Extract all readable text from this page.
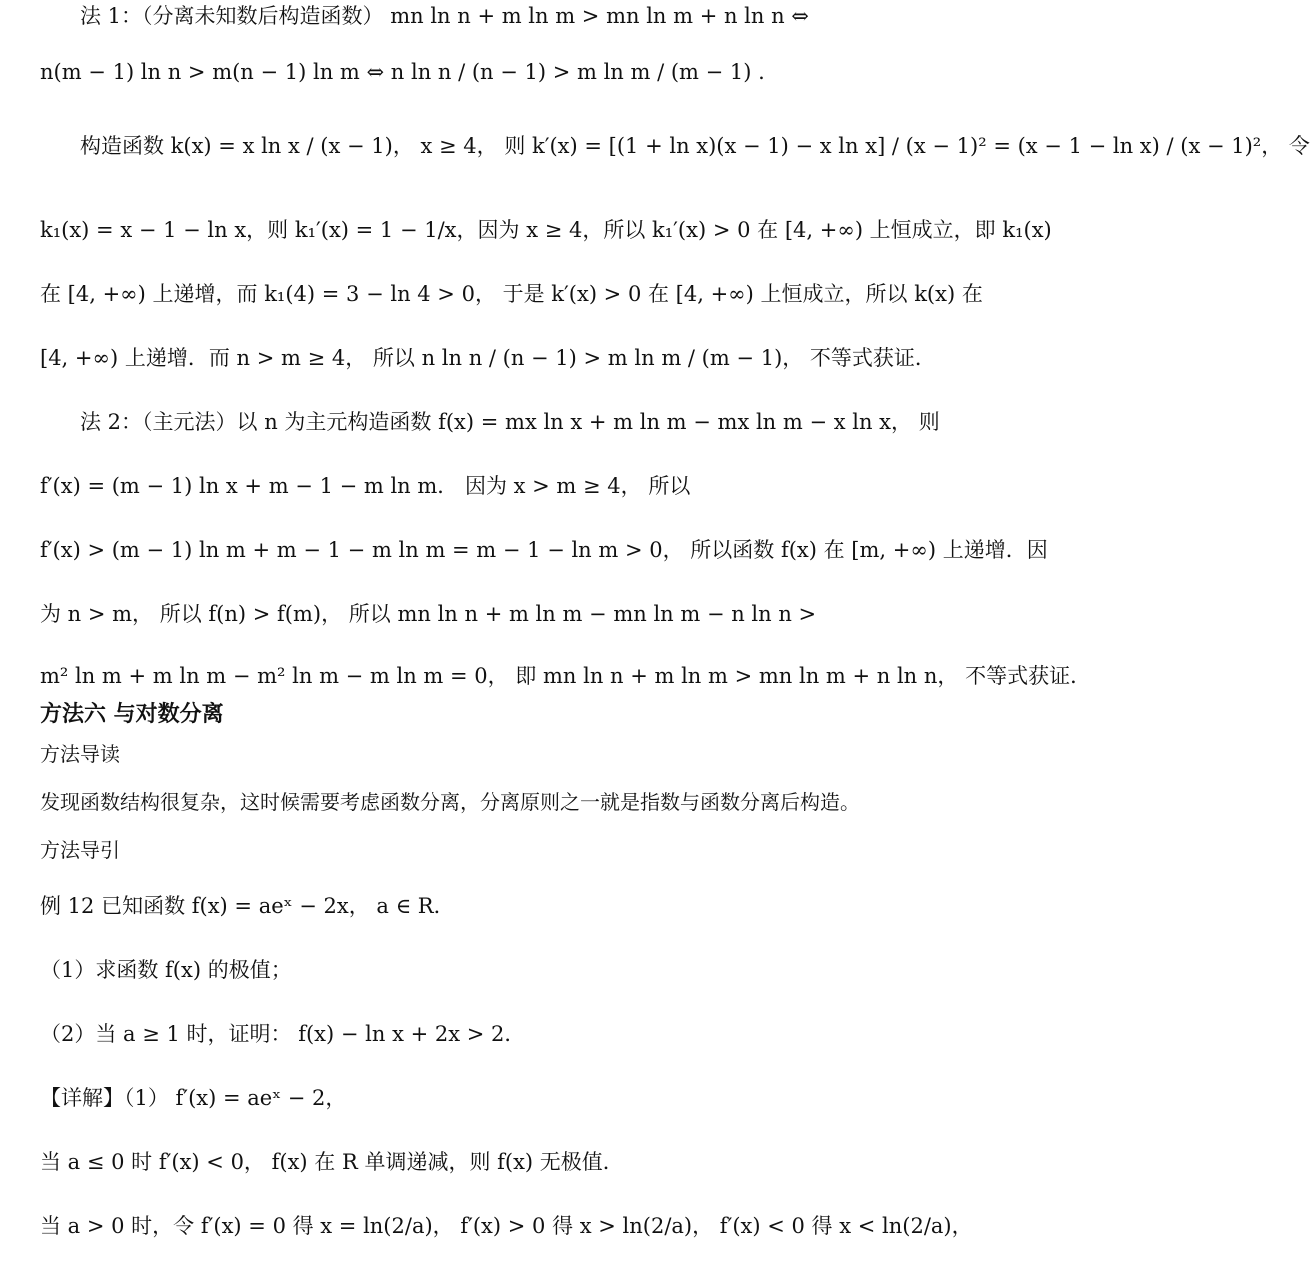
法 1：（分离未知数后构造函数） mn ln n + m ln m > mn ln m + n ln n ⇔
n(m − 1) ln n > m(n − 1) ln m ⇔ n ln n / (n − 1) > m ln m / (m − 1) .
构造函数 k(x) = x ln x / (x − 1)， x ≥ 4， 则 k′(x) = [(1 + ln x)(x − 1) − x ln x] / (x − 1)² = (x − 1 − ln x) / (x − 1)²， 令
k₁(x) = x − 1 − ln x，则 k₁′(x) = 1 − 1/x，因为 x ≥ 4，所以 k₁′(x) > 0 在 [4, +∞) 上恒成立，即 k₁(x)
在 [4, +∞) 上递增，而 k₁(4) = 3 − ln 4 > 0， 于是 k′(x) > 0 在 [4, +∞) 上恒成立，所以 k(x) 在
[4, +∞) 上递增．而 n > m ≥ 4， 所以 n ln n / (n − 1) > m ln m / (m − 1)， 不等式获证．
法 2：（主元法）以 n 为主元构造函数 f(x) = mx ln x + m ln m − mx ln m − x ln x， 则
f′(x) = (m − 1) ln x + m − 1 − m ln m． 因为 x > m ≥ 4， 所以
f′(x) > (m − 1) ln m + m − 1 − m ln m = m − 1 − ln m > 0， 所以函数 f(x) 在 [m, +∞) 上递增．因
为 n > m， 所以 f(n) > f(m)， 所以 mn ln n + m ln m − mn ln m − n ln n >
m² ln m + m ln m − m² ln m − m ln m = 0， 即 mn ln n + m ln m > mn ln m + n ln n， 不等式获证．
方法六 与对数分离
方法导读
发现函数结构很复杂，这时候需要考虑函数分离，分离原则之一就是指数与函数分离后构造。
方法导引
例 12 已知函数 f(x) = aeˣ − 2x， a ∈ R．
（1）求函数 f(x) 的极值；
（2）当 a ≥ 1 时，证明： f(x) − ln x + 2x > 2．
【详解】（1） f′(x) = aeˣ − 2，
当 a ≤ 0 时 f′(x) < 0， f(x) 在 R 单调递减，则 f(x) 无极值．
当 a > 0 时，令 f′(x) = 0 得 x = ln(2/a)， f′(x) > 0 得 x > ln(2/a)， f′(x) < 0 得 x < ln(2/a)，
